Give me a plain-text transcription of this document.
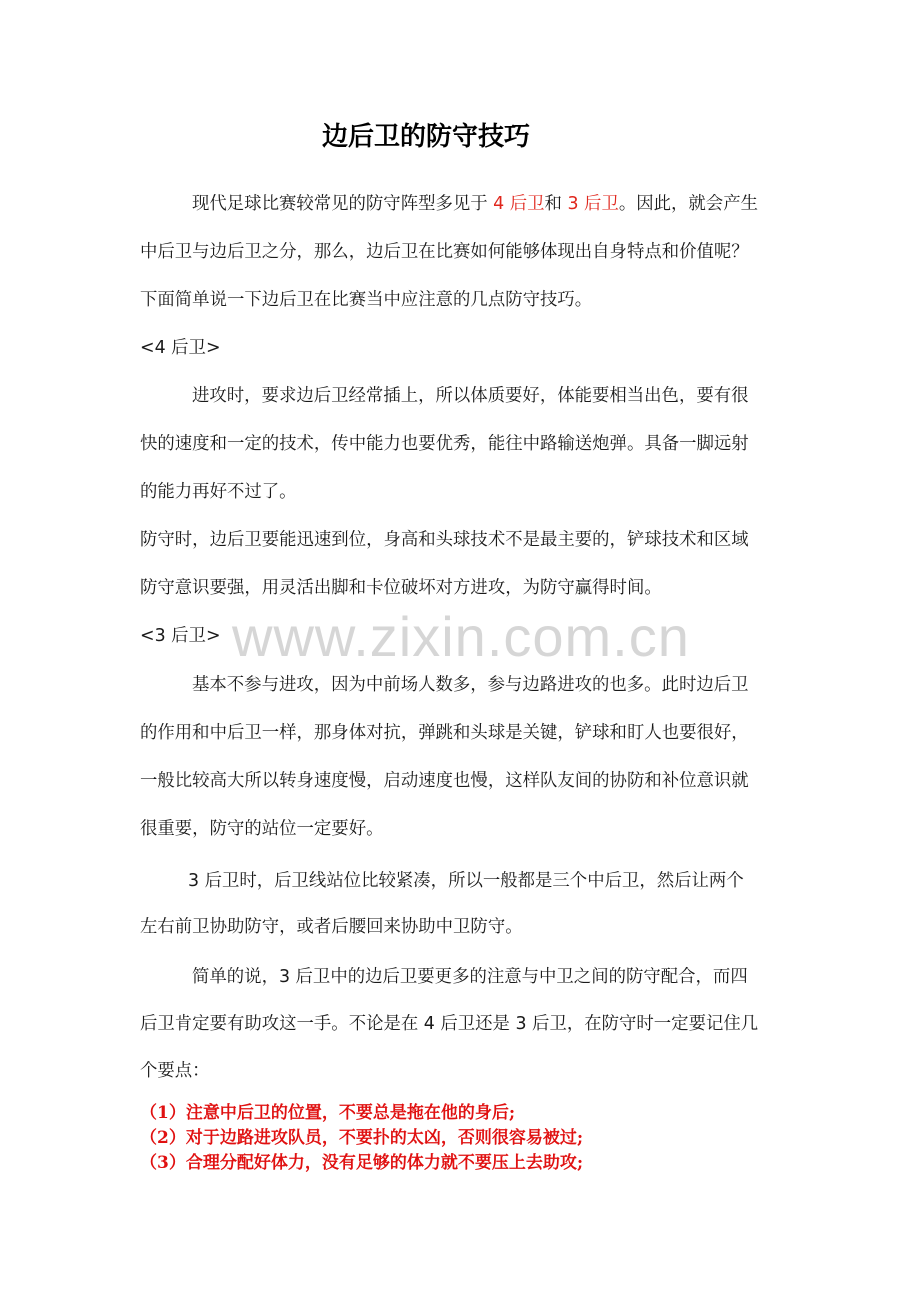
www.zixin.com.cn
边后卫的防守技巧
现代足球比赛较常见的防守阵型多见于 4 后卫和 3 后卫。因此，就会产生
中后卫与边后卫之分，那么，边后卫在比赛如何能够体现出自身特点和价值呢？
下面简单说一下边后卫在比赛当中应注意的几点防守技巧。
<4 后卫>
进攻时，要求边后卫经常插上，所以体质要好，体能要相当出色，要有很
快的速度和一定的技术，传中能力也要优秀，能往中路输送炮弹。具备一脚远射
的能力再好不过了。
防守时，边后卫要能迅速到位，身高和头球技术不是最主要的，铲球技术和区域
防守意识要强，用灵活出脚和卡位破坏对方进攻，为防守赢得时间。
<3 后卫>
基本不参与进攻，因为中前场人数多，参与边路进攻的也多。此时边后卫
的作用和中后卫一样，那身体对抗，弹跳和头球是关键，铲球和盯人也要很好，
一般比较高大所以转身速度慢，启动速度也慢，这样队友间的协防和补位意识就
很重要，防守的站位一定要好。
3 后卫时，后卫线站位比较紧凑，所以一般都是三个中后卫，然后让两个
左右前卫协助防守，或者后腰回来协助中卫防守。
简单的说，3 后卫中的边后卫要更多的注意与中卫之间的防守配合，而四
后卫肯定要有助攻这一手。不论是在 4 后卫还是 3 后卫，在防守时一定要记住几
个要点：
（1）注意中后卫的位置，不要总是拖在他的身后;
（2）对于边路进攻队员，不要扑的太凶，否则很容易被过;
（3）合理分配好体力，没有足够的体力就不要压上去助攻;
